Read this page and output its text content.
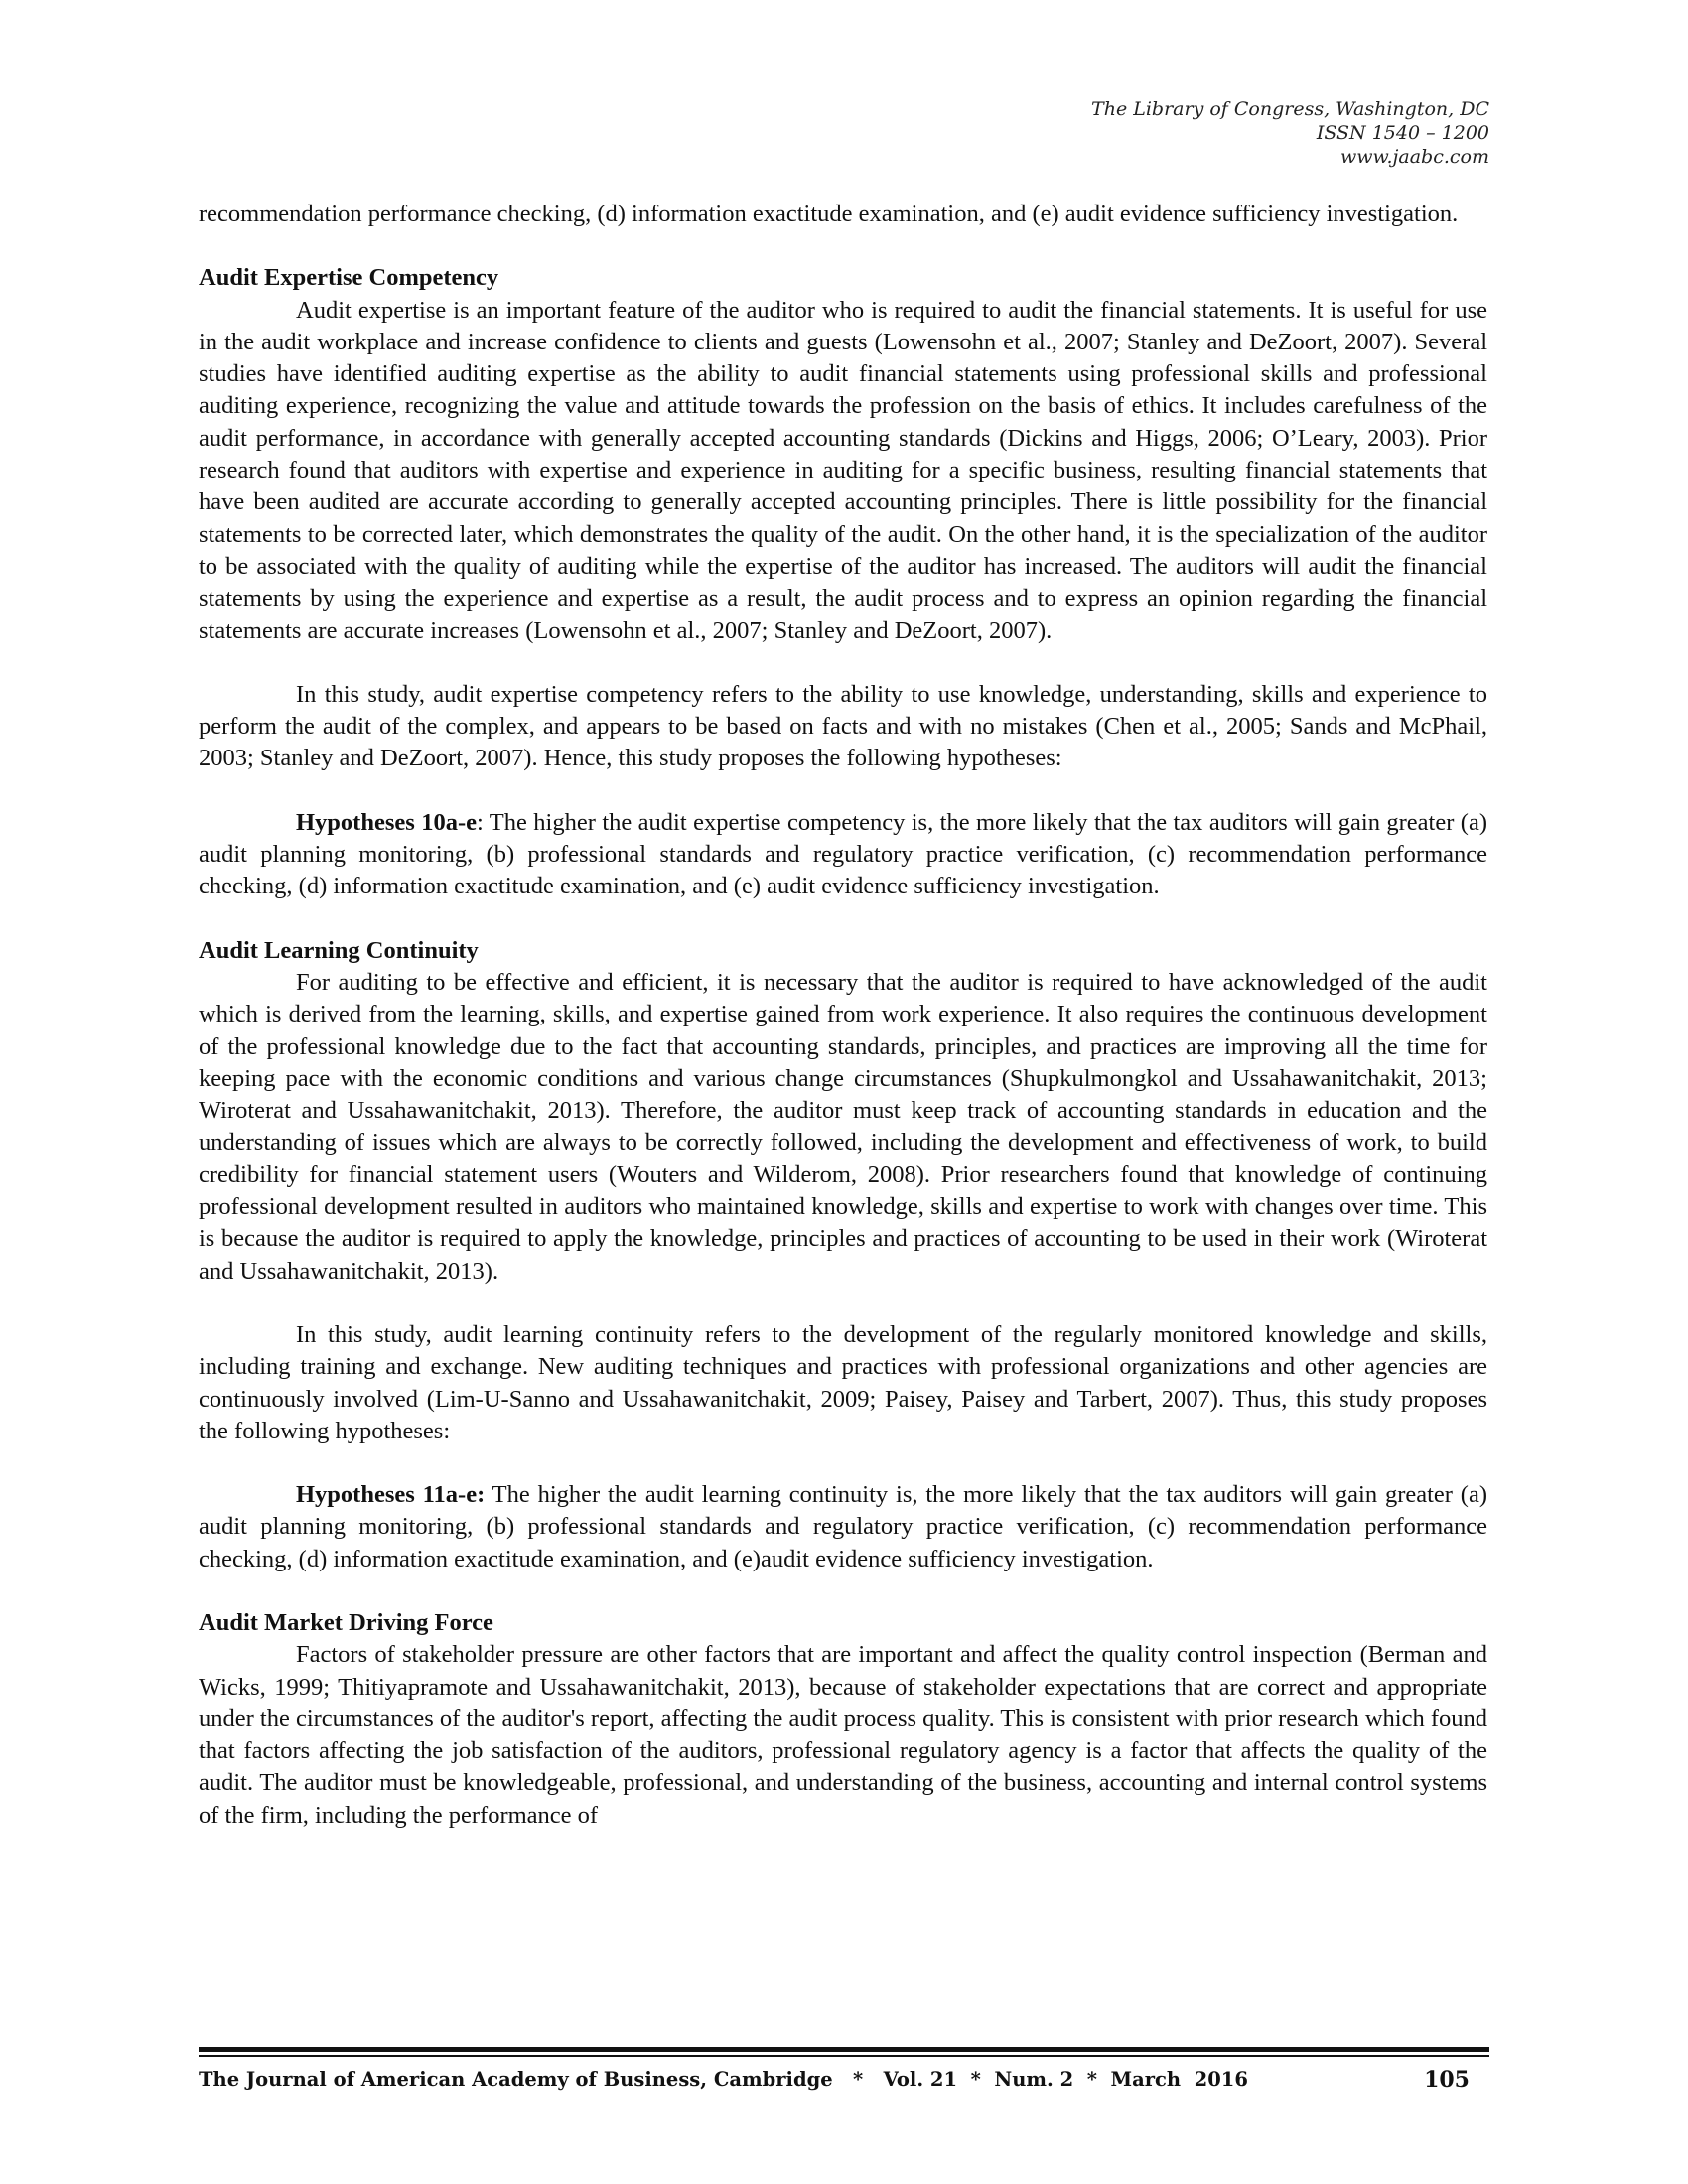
The Library of Congress, Washington, DC
ISSN 1540 – 1200
www.jaabc.com

recommendation performance checking, (d) information exactitude examination, and (e) audit evidence sufficiency investigation.

Audit Expertise Competency

Audit expertise is an important feature of the auditor who is required to audit the financial statements. It is useful for use in the audit workplace and increase confidence to clients and guests (Lowensohn et al., 2007; Stanley and DeZoort, 2007). Several studies have identified auditing expertise as the ability to audit financial statements using professional skills and professional auditing experience, recognizing the value and attitude towards the profession on the basis of ethics. It includes carefulness of the audit performance, in accordance with generally accepted accounting standards (Dickins and Higgs, 2006; O’Leary, 2003). Prior research found that auditors with expertise and experience in auditing for a specific business, resulting financial statements that have been audited are accurate according to generally accepted accounting principles. There is little possibility for the financial statements to be corrected later, which demonstrates the quality of the audit. On the other hand, it is the specialization of the auditor to be associated with the quality of auditing while the expertise of the auditor has increased. The auditors will audit the financial statements by using the experience and expertise as a result, the audit process and to express an opinion regarding the financial statements are accurate increases (Lowensohn et al., 2007; Stanley and DeZoort, 2007).

In this study, audit expertise competency refers to the ability to use knowledge, understanding, skills and experience to perform the audit of the complex, and appears to be based on facts and with no mistakes (Chen et al., 2005; Sands and McPhail, 2003; Stanley and DeZoort, 2007). Hence, this study proposes the following hypotheses:

Hypotheses 10a-e: The higher the audit expertise competency is, the more likely that the tax auditors will gain greater (a) audit planning monitoring, (b) professional standards and regulatory practice verification, (c) recommendation performance checking, (d) information exactitude examination, and (e) audit evidence sufficiency investigation.

Audit Learning Continuity

For auditing to be effective and efficient, it is necessary that the auditor is required to have acknowledged of the audit which is derived from the learning, skills, and expertise gained from work experience. It also requires the continuous development of the professional knowledge due to the fact that accounting standards, principles, and practices are improving all the time for keeping pace with the economic conditions and various change circumstances (Shupkulmongkol and Ussahawanitchakit, 2013; Wiroterat and Ussahawanitchakit, 2013). Therefore, the auditor must keep track of accounting standards in education and the understanding of issues which are always to be correctly followed, including the development and effectiveness of work, to build credibility for financial statement users (Wouters and Wilderom, 2008). Prior researchers found that knowledge of continuing professional development resulted in auditors who maintained knowledge, skills and expertise to work with changes over time. This is because the auditor is required to apply the knowledge, principles and practices of accounting to be used in their work (Wiroterat and Ussahawanitchakit, 2013).

In this study, audit learning continuity refers to the development of the regularly monitored knowledge and skills, including training and exchange. New auditing techniques and practices with professional organizations and other agencies are continuously involved (Lim-U-Sanno and Ussahawanitchakit, 2009; Paisey, Paisey and Tarbert, 2007). Thus, this study proposes the following hypotheses:

Hypotheses 11a-e: The higher the audit learning continuity is, the more likely that the tax auditors will gain greater (a) audit planning monitoring, (b) professional standards and regulatory practice verification, (c) recommendation performance checking, (d) information exactitude examination, and (e)audit evidence sufficiency investigation.

Audit Market Driving Force

Factors of stakeholder pressure are other factors that are important and affect the quality control inspection (Berman and Wicks, 1999; Thitiyapramote and Ussahawanitchakit, 2013), because of stakeholder expectations that are correct and appropriate under the circumstances of the auditor's report, affecting the audit process quality. This is consistent with prior research which found that factors affecting the job satisfaction of the auditors, professional regulatory agency is a factor that affects the quality of the audit. The auditor must be knowledgeable, professional, and understanding of the business, accounting and internal control systems of the firm, including the performance of

The Journal of American Academy of Business, Cambridge   *   Vol. 21  *  Num. 2  *  March  2016	105
